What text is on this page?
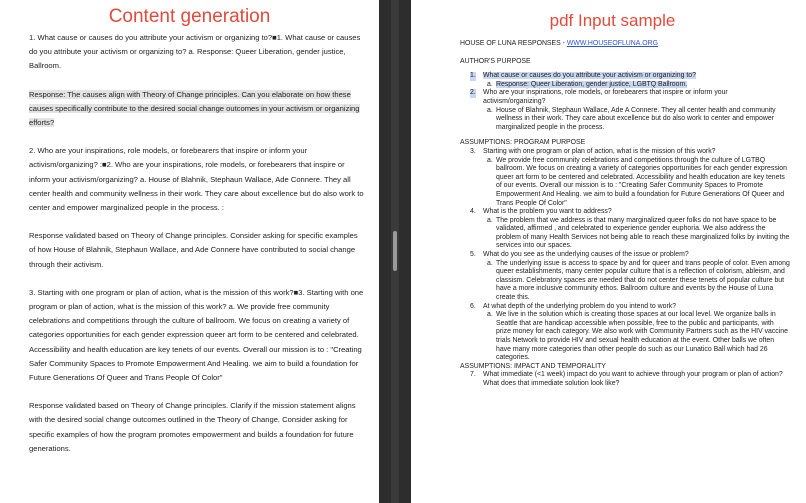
Content generation

1. What cause or causes do you attribute your activism or organizing to?■1. What cause or causes do you attribute your activism or organizing to? a. Response: Queer Liberation, gender justice, Ballroom.

Response: The causes align with Theory of Change principles. Can you elaborate on how these causes specifically contribute to the desired social change outcomes in your activism or organizing efforts?

2. Who are your inspirations, role models, or forebearers that inspire or inform your activism/organizing? :■2. Who are your inspirations, role models, or forebearers that inspire or inform your activism/organizing? a. House of Blahnik, Stephaun Wallace, Ade Connere. They all center health and community wellness in their work. They care about excellence but do also work to center and empower marginalized people in the process. :

Response validated based on Theory of Change principles. Consider asking for specific examples of how House of Blahnik, Stephaun Wallace, and Ade Connere have contributed to social change through their activism.

3. Starting with one program or plan of action, what is the mission of this work?■3. Starting with one program or plan of action, what is the mission of this work? a. We provide free community celebrations and competitions through the culture of ballroom. We focus on creating a variety of categories opportunities for each gender expression queer art form to be centered and celebrated. Accessibility and health education are key tenets of our events. Overall our mission is to : "Creating Safer Community Spaces to Promote Empowerment And Healing. we aim to build a foundation for Future Generations Of Queer and Trans People Of Color"

Response validated based on Theory of Change principles. Clarify if the mission statement aligns with the desired social change outcomes outlined in the Theory of Change. Consider asking for specific examples of how the program promotes empowerment and builds a foundation for future generations.

pdf Input sample
HOUSE OF LUNA RESPONSES - WWW.HOUSEOFLUNA.ORG
AUTHOR'S PURPOSE
1. What cause or causes do you attribute your activism or organizing to?
a. Response: Queer Liberation, gender justice, LGBTQ Ballroom.
2. Who are your inspirations, role models, or forebearers that inspire or inform your activism/organizing?
a. House of Blahnik, Stephaun Wallace, Ade A Connere. They all center health and community wellness in their work. They care about excellence but do also work to center and empower marginalized people in the process.
ASSUMPTIONS: PROGRAM PURPOSE
3. Starting with one program or plan of action, what is the mission of this work?
a. We provide free community celebrations and competitions through the culture of LGTBQ ballroom. We focus on creating a variety of categories opportunities for each gender expression queer art form to be centered and celebrated. Accessibility and health education are key tenets of our events. Overall our mission is to : "Creating Safer Community Spaces to Promote Empowerment And Healing. we aim to build a foundation for Future Generations Of Queer and Trans People Of Color"
4. What is the problem you want to address?
a. The problem that we address is that many marginalized queer folks do not have space to be validated, affirmed , and celebrated to experience gender euphoria. We also address the problem of many Health Services not being able to reach these marginalized folks by inviting the services into our spaces.
5. What do you see as the underlying causes of the issue or problem?
a. The underlying issue is access to space by and for queer and trans people of color. Even among queer establishments, many center popular culture that is a reflection of colorism, ableism, and classism. Celebratory spaces are needed that do not center these tenets of popular culture but have a more inclusive community ethos. Ballroom culture and events by the House of Luna create this.
6. At what depth of the underlying problem do you intend to work?
a. We live in the solution which is creating those spaces at our local level. We organize balls in Seattle that are handicap accessible when possible, free to the public and participants, with prize money for each category. We also work with Community Partners such as the HIV vaccine trials Network to provide HIV and sexual health education at the event. Other balls we often have many more categories than other people do such as our Lunatico Ball which had 26 categories.
ASSUMPTIONS: IMPACT AND TEMPORALITY
7. What immediate (<1 week) impact do you want to achieve through your program or plan of action? What does that immediate solution look like?
